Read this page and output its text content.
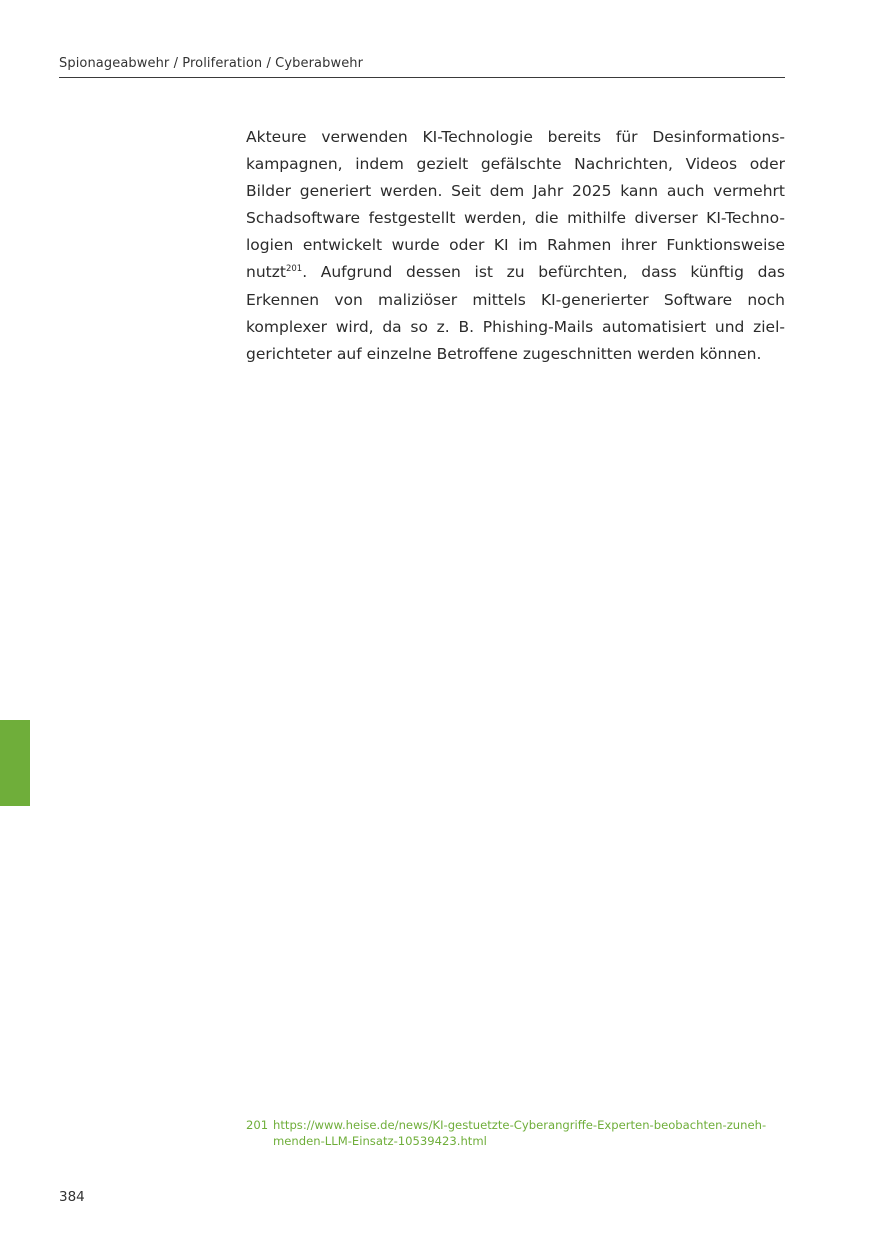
Spionageabwehr / Proliferation / Cyberabwehr
Akteure verwenden KI-Technologie bereits für Desinformations-
kampagnen, indem gezielt gefälschte Nachrichten, Videos oder
Bilder generiert werden. Seit dem Jahr 2025 kann auch vermehrt
Schadsoftware festgestellt werden, die mithilfe diverser KI-Techno-
logien entwickelt wurde oder KI im Rahmen ihrer Funktionsweise
nutzt$^{201}$. Aufgrund dessen ist zu befürchten, dass künftig das
Erkennen von maliziöser mittels KI-generierter Software noch
komplexer wird, da so z. B. Phishing-Mails automatisiert und ziel-
gerichteter auf einzelne Betroffene zugeschnitten werden können.
201 https://www.heise.de/news/KI-gestuetzte-Cyberangriffe-Experten-beobachten-zuneh-
menden-LLM-Einsatz-10539423.html
384
